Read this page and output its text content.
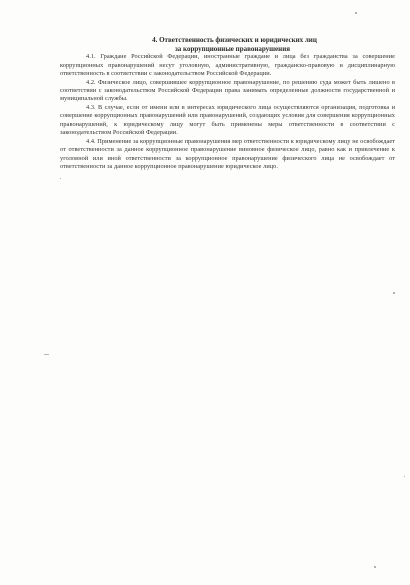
4. Ответственность физических и юридических лиц
за коррупционные правонарушения

4.1. Граждане Российской Федерации, иностранные граждане и лица без гражданства за совершение коррупционных правонарушений несут уголовную, административную, гражданско-правовую и дисциплинарную ответственность в соответствии с законодательством Российской Федерации.

4.2. Физическое лицо, совершившее коррупционное правонарушение, по решению суда может быть лишено в соответствии с законодательством Российской Федерации права занимать определенные должности государственной и муниципальной службы.

4.3. В случае, если от имени или в интересах юридического лица осуществляются организация, подготовка и совершение коррупционных правонарушений или правонарушений, создающих условия для совершения коррупционных правонарушений, к юридическому лицу могут быть применены меры ответственности в соответствии с законодательством Российской Федерации.

4.4. Применение за коррупционные правонарушения мер ответственности к юридическому лицу не освобождает от ответственности за данное коррупционное правонарушение виновное физическое лицо, равно как и привлечение к уголовной или иной ответственности за коррупционное правонарушение физического лица не освобождает от ответственности за данное коррупционное правонарушение юридическое лицо.
